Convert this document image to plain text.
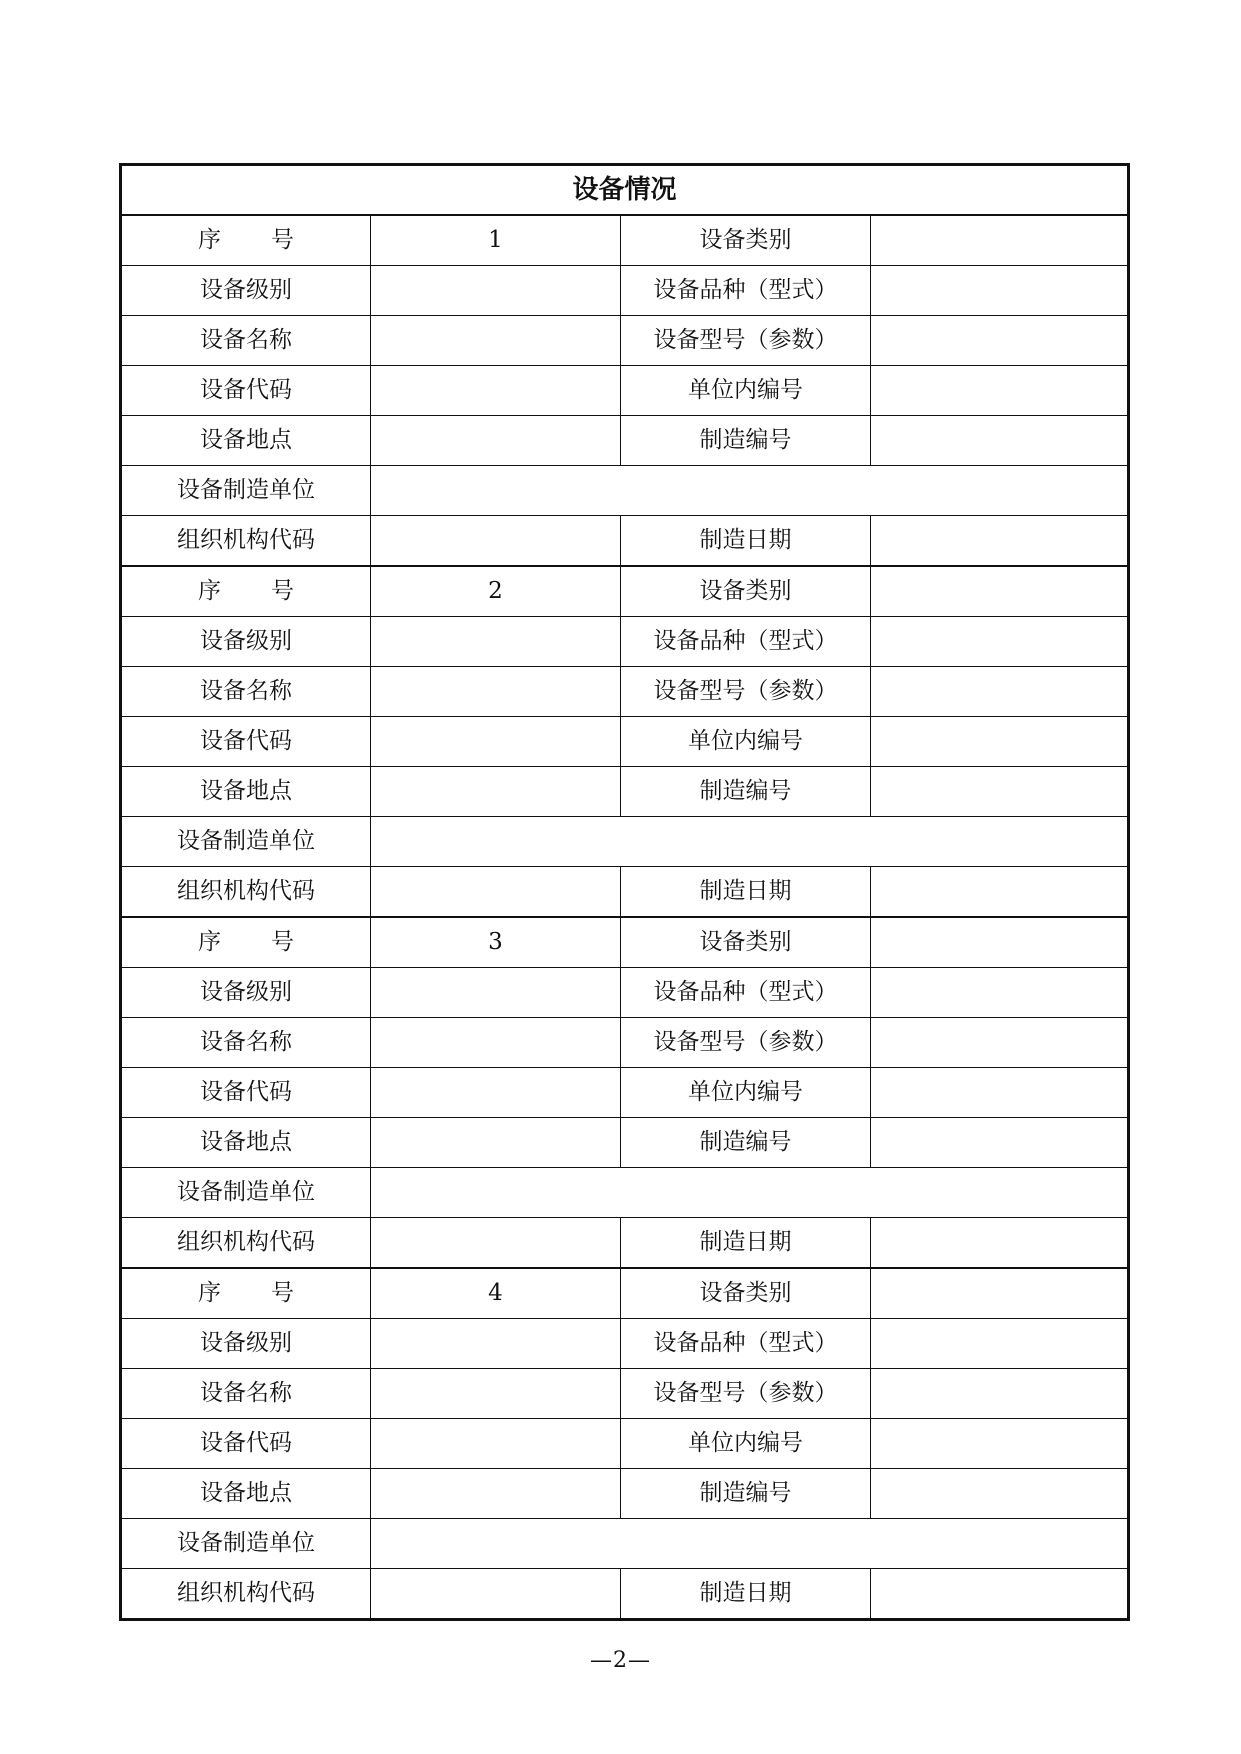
设备情况			

序 号	1	设备类别	
设备级别		设备品种（型式）	
设备名称		设备型号（参数）	
设备代码		单位内编号	
设备地点		制造编号	
设备制造单位			
组织机构代码		制造日期	

序 号	2	设备类别	
设备级别		设备品种（型式）	
设备名称		设备型号（参数）	
设备代码		单位内编号	
设备地点		制造编号	
设备制造单位			
组织机构代码		制造日期	

序 号	3	设备类别	
设备级别		设备品种（型式）	
设备名称		设备型号（参数）	
设备代码		单位内编号	
设备地点		制造编号	
设备制造单位			
组织机构代码		制造日期	

序 号	4	设备类别	
设备级别		设备品种（型式）	
设备名称		设备型号（参数）	
设备代码		单位内编号	
设备地点		制造编号	
设备制造单位			
组织机构代码		制造日期	
—2—
